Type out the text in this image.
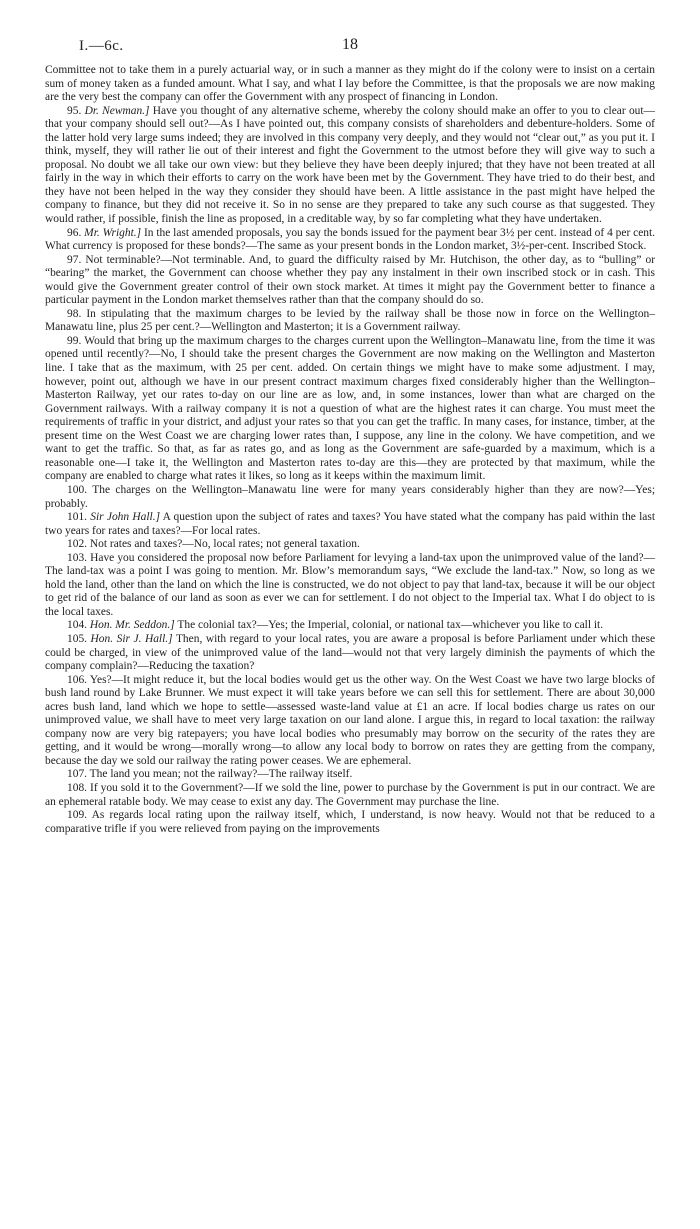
I.—6c.	18

Committee not to take them in a purely actuarial way, or in such a manner as they might do if the colony were to insist on a certain sum of money taken as a funded amount. What I say, and what I lay before the Committee, is that the proposals we are now making are the very best the company can offer the Government with any prospect of financing in London.

95. Dr. Newman.] Have you thought of any alternative scheme, whereby the colony should make an offer to you to clear out—that your company should sell out?—As I have pointed out, this company consists of shareholders and debenture-holders. Some of the latter hold very large sums indeed; they are involved in this company very deeply, and they would not “clear out,” as you put it. I think, myself, they will rather lie out of their interest and fight the Government to the utmost before they will give way to such a proposal. No doubt we all take our own view: but they believe they have been deeply injured; that they have not been treated at all fairly in the way in which their efforts to carry on the work have been met by the Government. They have tried to do their best, and they have not been helped in the way they consider they should have been. A little assistance in the past might have helped the company to finance, but they did not receive it. So in no sense are they prepared to take any such course as that suggested. They would rather, if possible, finish the line as proposed, in a creditable way, by so far completing what they have undertaken.

96. Mr. Wright.] In the last amended proposals, you say the bonds issued for the payment bear 3½ per cent. instead of 4 per cent. What currency is proposed for these bonds?—The same as your present bonds in the London market, 3½-per-cent. Inscribed Stock.

97. Not terminable?—Not terminable. And, to guard the difficulty raised by Mr. Hutchison, the other day, as to “bulling” or “bearing” the market, the Government can choose whether they pay any instalment in their own inscribed stock or in cash. This would give the Government greater control of their own stock market. At times it might pay the Government better to finance a particular payment in the London market themselves rather than that the company should do so.

98. In stipulating that the maximum charges to be levied by the railway shall be those now in force on the Wellington–Manawatu line, plus 25 per cent.?—Wellington and Masterton; it is a Government railway.

99. Would that bring up the maximum charges to the charges current upon the Wellington–Manawatu line, from the time it was opened until recently?—No, I should take the present charges the Government are now making on the Wellington and Masterton line. I take that as the maximum, with 25 per cent. added. On certain things we might have to make some adjustment. I may, however, point out, although we have in our present contract maximum charges fixed considerably higher than the Wellington–Masterton Railway, yet our rates to-day on our line are as low, and, in some instances, lower than what are charged on the Government railways. With a railway company it is not a question of what are the highest rates it can charge. You must meet the requirements of traffic in your district, and adjust your rates so that you can get the traffic. In many cases, for instance, timber, at the present time on the West Coast we are charging lower rates than, I suppose, any line in the colony. We have competition, and we want to get the traffic. So that, as far as rates go, and as long as the Government are safe-guarded by a maximum, which is a reasonable one—I take it, the Wellington and Masterton rates to-day are this—they are protected by that maximum, while the company are enabled to charge what rates it likes, so long as it keeps within the maximum limit.

100. The charges on the Wellington–Manawatu line were for many years considerably higher than they are now?—Yes; probably.

101. Sir John Hall.] A question upon the subject of rates and taxes? You have stated what the company has paid within the last two years for rates and taxes?—For local rates.

102. Not rates and taxes?—No, local rates; not general taxation.

103. Have you considered the proposal now before Parliament for levying a land-tax upon the unimproved value of the land?—The land-tax was a point I was going to mention. Mr. Blow’s memorandum says, “We exclude the land-tax.” Now, so long as we hold the land, other than the land on which the line is constructed, we do not object to pay that land-tax, because it will be our object to get rid of the balance of our land as soon as ever we can for settlement. I do not object to the Imperial tax. What I do object to is the local taxes.

104. Hon. Mr. Seddon.] The colonial tax?—Yes; the Imperial, colonial, or national tax—whichever you like to call it.

105. Hon. Sir J. Hall.] Then, with regard to your local rates, you are aware a proposal is before Parliament under which these could be charged, in view of the unimproved value of the land—would not that very largely diminish the payments of which the company complain?—Reducing the taxation?

106. Yes?—It might reduce it, but the local bodies would get us the other way. On the West Coast we have two large blocks of bush land round by Lake Brunner. We must expect it will take years before we can sell this for settlement. There are about 30,000 acres bush land, land which we hope to settle—assessed waste-land value at £1 an acre. If local bodies charge us rates on our unimproved value, we shall have to meet very large taxation on our land alone. I argue this, in regard to local taxation: the railway company now are very big ratepayers; you have local bodies who presumably may borrow on the security of the rates they are getting, and it would be wrong—morally wrong—to allow any local body to borrow on rates they are getting from the company, because the day we sold our railway the rating power ceases. We are ephemeral.

107. The land you mean; not the railway?—The railway itself.

108. If you sold it to the Government?—If we sold the line, power to purchase by the Government is put in our contract. We are an ephemeral ratable body. We may cease to exist any day. The Government may purchase the line.

109. As regards local rating upon the railway itself, which, I understand, is now heavy. Would not that be reduced to a comparative trifle if you were relieved from paying on the improvements
